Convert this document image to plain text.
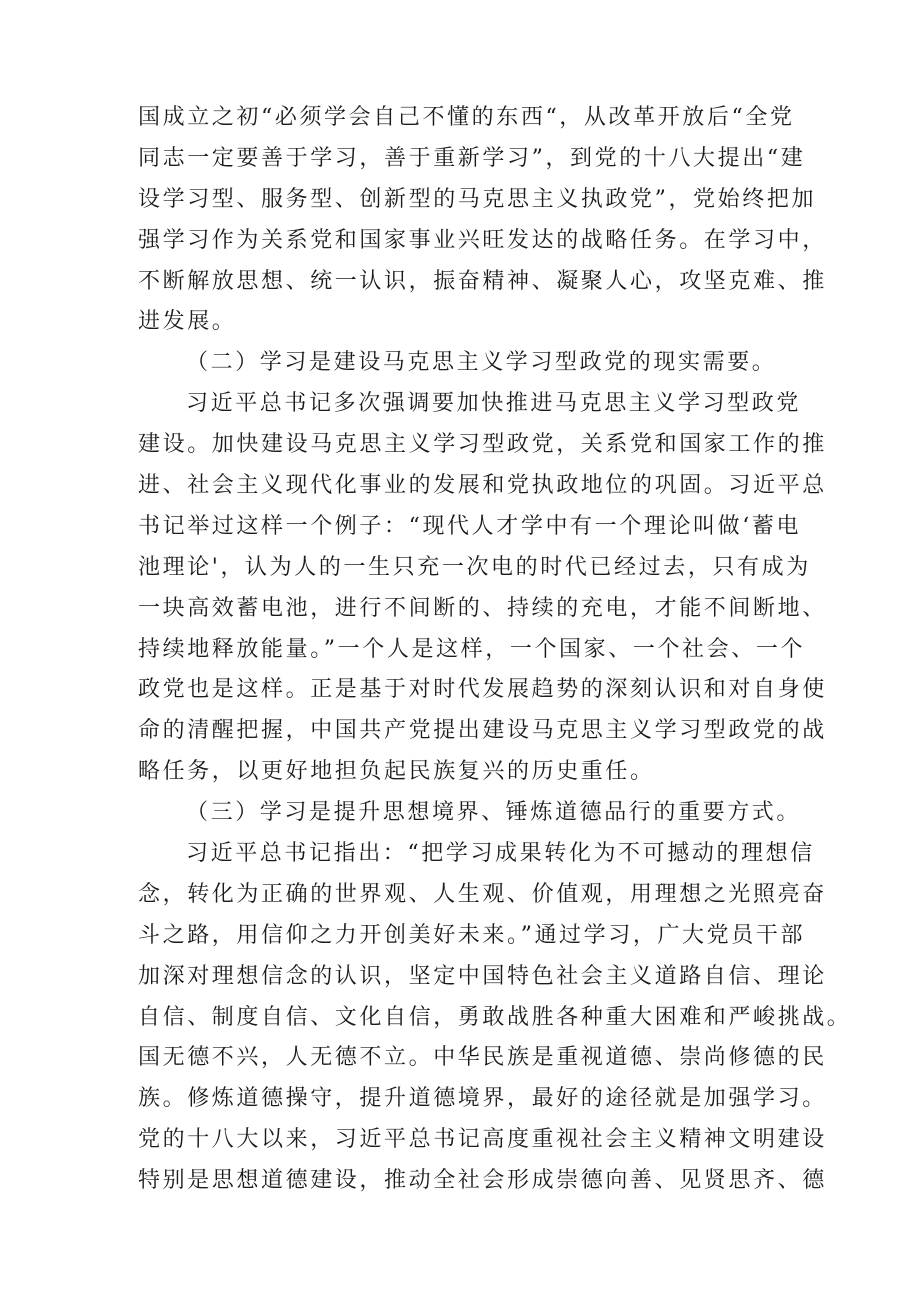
国成立之初“必须学会自己不懂的东西“，从改革开放后“全党
同志一定要善于学习，善于重新学习”，到党的十八大提出“建
设学习型、服务型、创新型的马克思主义执政党”，党始终把加
强学习作为关系党和国家事业兴旺发达的战略任务。在学习中，
不断解放思想、统一认识，振奋精神、凝聚人心，攻坚克难、推
进发展。
（二）学习是建设马克思主义学习型政党的现实需要。
习近平总书记多次强调要加快推进马克思主义学习型政党
建设。加快建设马克思主义学习型政党，关系党和国家工作的推
进、社会主义现代化事业的发展和党执政地位的巩固。习近平总
书记举过这样一个例子：“现代人才学中有一个理论叫做‘蓄电
池理论'，认为人的一生只充一次电的时代已经过去，只有成为
一块高效蓄电池，进行不间断的、持续的充电，才能不间断地、
持续地释放能量。”一个人是这样，一个国家、一个社会、一个
政党也是这样。正是基于对时代发展趋势的深刻认识和对自身使
命的清醒把握，中国共产党提出建设马克思主义学习型政党的战
略任务，以更好地担负起民族复兴的历史重任。
（三）学习是提升思想境界、锤炼道德品行的重要方式。
习近平总书记指出：“把学习成果转化为不可撼动的理想信
念，转化为正确的世界观、人生观、价值观，用理想之光照亮奋
斗之路，用信仰之力开创美好未来。”通过学习，广大党员干部
加深对理想信念的认识，坚定中国特色社会主义道路自信、理论
自信、制度自信、文化自信，勇敢战胜各种重大困难和严峻挑战。
国无德不兴，人无德不立。中华民族是重视道德、崇尚修德的民
族。修炼道德操守，提升道德境界，最好的途径就是加强学习。
党的十八大以来，习近平总书记高度重视社会主义精神文明建设
特别是思想道德建设，推动全社会形成崇德向善、见贤思齐、德
